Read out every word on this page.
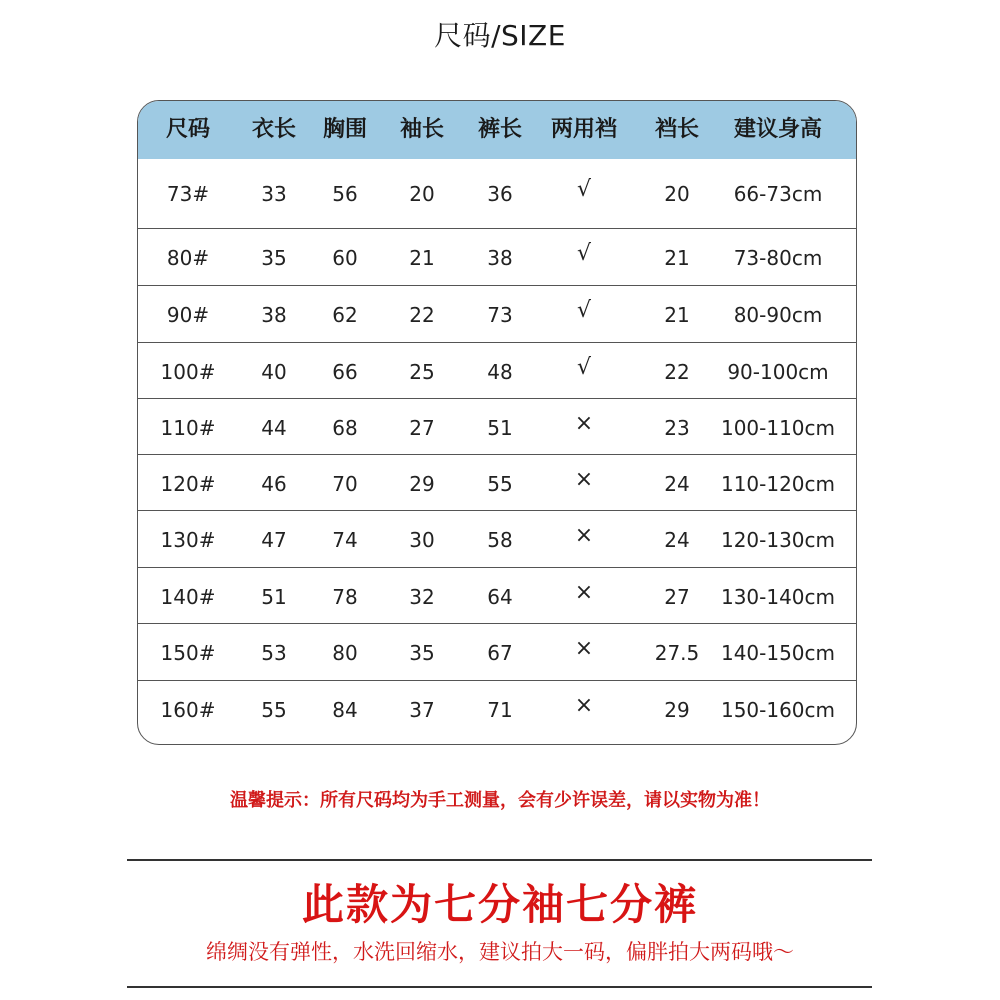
尺码/SIZE
尺码	衣长	胸围	袖长	裤长	两用裆	裆长	建议身高
73#	33	56	20	36	√	20	66-73cm
80#	35	60	21	38	√	21	73-80cm
90#	38	62	22	73	√	21	80-90cm
100#	40	66	25	48	√	22	90-100cm
110#	44	68	27	51	×	23	100-110cm
120#	46	70	29	55	×	24	110-120cm
130#	47	74	30	58	×	24	120-130cm
140#	51	78	32	64	×	27	130-140cm
150#	53	80	35	67	×	27.5	140-150cm
160#	55	84	37	71	×	29	150-160cm
温馨提示：所有尺码均为手工测量，会有少许误差，请以实物为准！
此款为七分袖七分裤
绵绸没有弹性，水洗回缩水，建议拍大一码，偏胖拍大两码哦～
